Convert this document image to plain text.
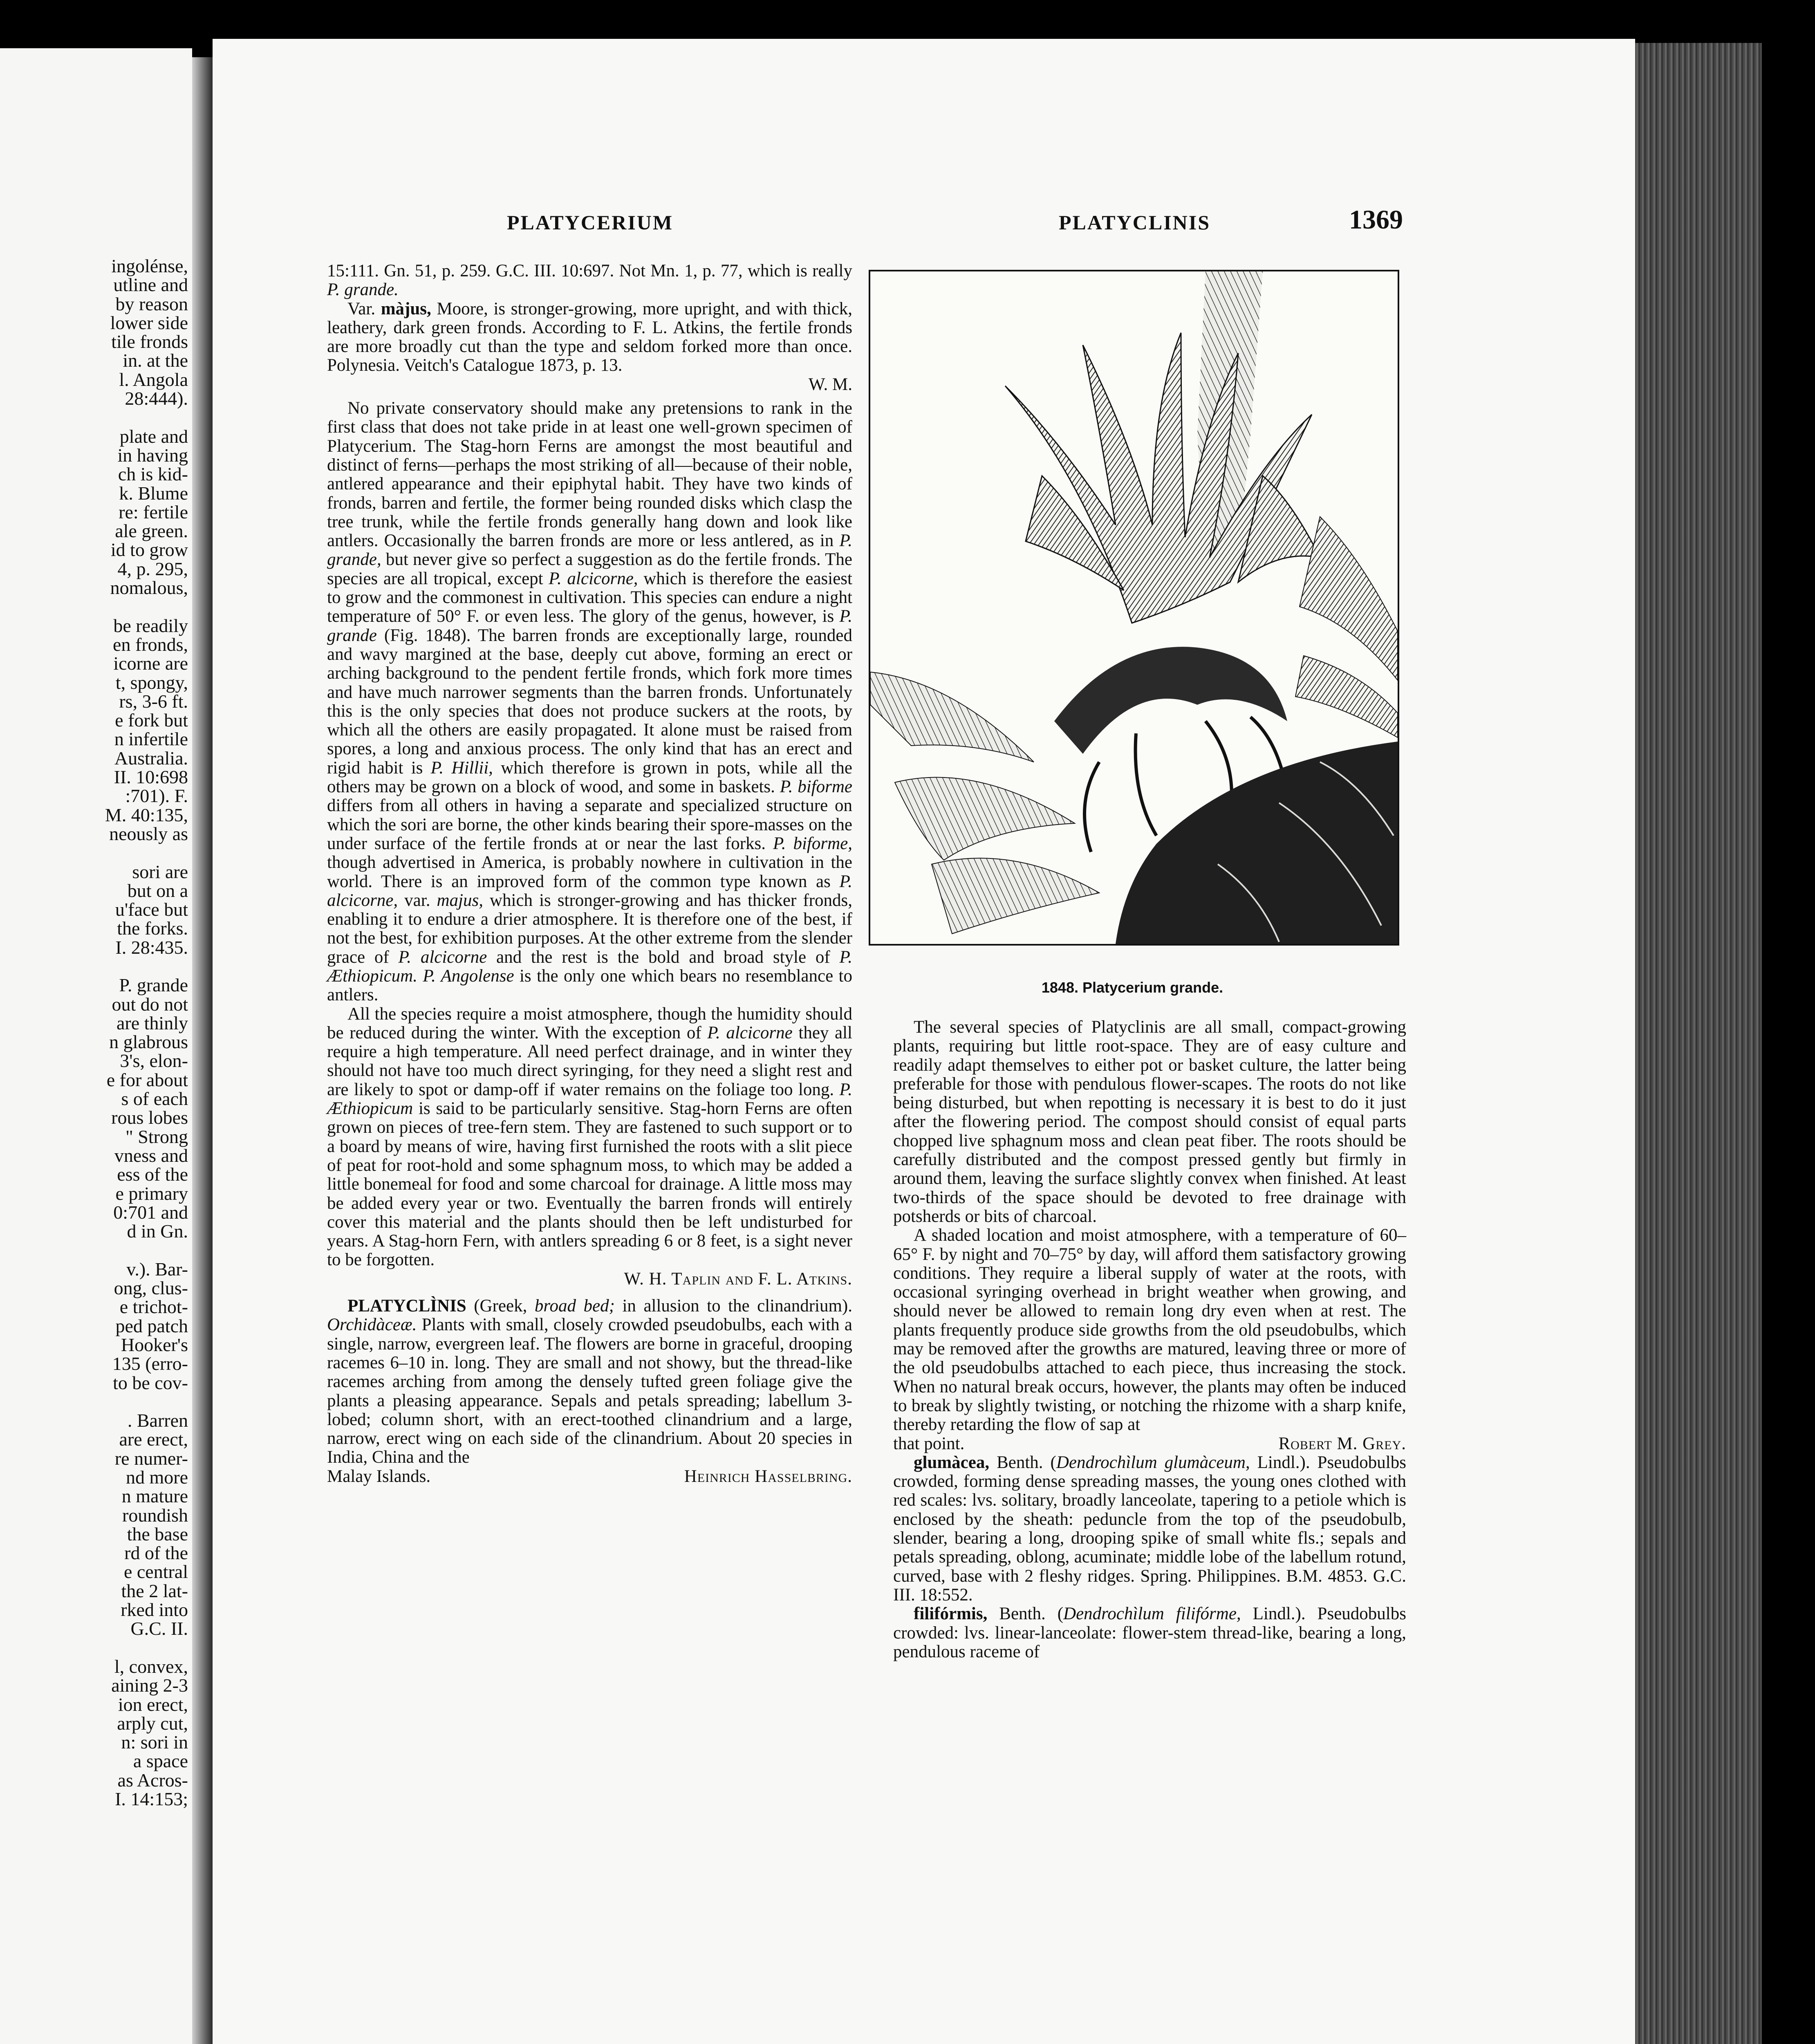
ingolénse,
utline and
by reason
lower side
tile fronds
in. at the
l. Angola
28:444).
plate and
in having
ch is kid-
k. Blume
re: fertile
ale green.
id to grow
4, p. 295,
nomalous,
be readily
en fronds,
icorne are
t, spongy,
rs, 3-6 ft.
e fork but
n infertile
Australia.
II. 10:698
:701). F.
M. 40:135,
neously as
sori are
but on a
u'face but
the forks.
I. 28:435.
P. grande
out do not
are thinly
n glabrous
3's, elon-
e for about
s of each
rous lobes
" Strong
vness and
ess of the
e primary
0:701 and
d in Gn.
v.). Bar-
ong, clus-
e trichot-
ped patch
Hooker's
135 (erro-
to be cov-
. Barren
are erect,
re numer-
nd more
n mature
roundish
the base
rd of the
e central
the 2 lat-
rked into
G.C. II.
l, convex,
aining 2-3
ion erect,
arply cut,
n: sori in
a space
as Acros-
I. 14:153;
PLATYCERIUM	PLATYCLINIS	1369

15:111. Gn. 51, p. 259. G.C. III. 10:697. Not Mn. 1, p. 77, which is really P. grande.

Var. màjus, Moore, is stronger-growing, more upright, and with thick, leathery, dark green fronds. According to F. L. Atkins, the fertile fronds are more broadly cut than the type and seldom forked more than once. Polynesia. Veitch's Catalogue 1873, p. 13.

W. M.

No private conservatory should make any pretensions to rank in the first class that does not take pride in at least one well-grown specimen of Platycerium. The Stag-horn Ferns are amongst the most beautiful and distinct of ferns—perhaps the most striking of all—because of their noble, antlered appearance and their epiphytal habit. They have two kinds of fronds, barren and fertile, the former being rounded disks which clasp the tree trunk, while the fertile fronds generally hang down and look like antlers. Occasionally the barren fronds are more or less antlered, as in P. grande, but never give so perfect a suggestion as do the fertile fronds. The species are all tropical, except P. alcicorne, which is therefore the easiest to grow and the commonest in cultivation. This species can endure a night temperature of 50° F. or even less. The glory of the genus, however, is P. grande (Fig. 1848). The barren fronds are exceptionally large, rounded and wavy margined at the base, deeply cut above, forming an erect or arching background to the pendent fertile fronds, which fork more times and have much narrower segments than the barren fronds. Unfortunately this is the only species that does not produce suckers at the roots, by which all the others are easily propagated. It alone must be raised from spores, a long and anxious process. The only kind that has an erect and rigid habit is P. Hillii, which therefore is grown in pots, while all the others may be grown on a block of wood, and some in baskets. P. biforme differs from all others in having a separate and specialized structure on which the sori are borne, the other kinds bearing their spore-masses on the under surface of the fertile fronds at or near the last forks. P. biforme, though advertised in America, is probably nowhere in cultivation in the world. There is an improved form of the common type known as P. alcicorne, var. majus, which is stronger-growing and has thicker fronds, enabling it to endure a drier atmosphere. It is therefore one of the best, if not the best, for exhibition purposes. At the other extreme from the slender grace of P. alcicorne and the rest is the bold and broad style of P. Æthiopicum. P. Angolense is the only one which bears no resemblance to antlers.

All the species require a moist atmosphere, though the humidity should be reduced during the winter. With the exception of P. alcicorne they all require a high temperature. All need perfect drainage, and in winter they should not have too much direct syringing, for they need a slight rest and are likely to spot or damp-off if water remains on the foliage too long. P. Æthiopicum is said to be particularly sensitive. Stag-horn Ferns are often grown on pieces of tree-fern stem. They are fastened to such support or to a board by means of wire, having first furnished the roots with a slit piece of peat for root-hold and some sphagnum moss, to which may be added a little bonemeal for food and some charcoal for drainage. A little moss may be added every year or two. Eventually the barren fronds will entirely cover this material and the plants should then be left undisturbed for years. A Stag-horn Fern, with antlers spreading 6 or 8 feet, is a sight never to be forgotten.

W. H. Taplin and F. L. Atkins.

PLATYCLÌNIS (Greek, broad bed; in allusion to the clinandrium). Orchidàceæ. Plants with small, closely crowded pseudobulbs, each with a single, narrow, evergreen leaf. The flowers are borne in graceful, drooping racemes 6–10 in. long. They are small and not showy, but the thread-like racemes arching from among the densely tufted green foliage give the plants a pleasing appearance. Sepals and petals spreading; labellum 3-lobed; column short, with an erect-toothed clinandrium and a large, narrow, erect wing on each side of the clinandrium. About 20 species in India, China and the

Malay Islands.	Heinrich Hasselbring.

1848. Platycerium grande.

The several species of Platyclinis are all small, compact-growing plants, requiring but little root-space. They are of easy culture and readily adapt themselves to either pot or basket culture, the latter being preferable for those with pendulous flower-scapes. The roots do not like being disturbed, but when repotting is necessary it is best to do it just after the flowering period. The compost should consist of equal parts chopped live sphagnum moss and clean peat fiber. The roots should be carefully distributed and the compost pressed gently but firmly in around them, leaving the surface slightly convex when finished. At least two-thirds of the space should be devoted to free drainage with potsherds or bits of charcoal.

A shaded location and moist atmosphere, with a temperature of 60–65° F. by night and 70–75° by day, will afford them satisfactory growing conditions. They require a liberal supply of water at the roots, with occasional syringing overhead in bright weather when growing, and should never be allowed to remain long dry even when at rest. The plants frequently produce side growths from the old pseudobulbs, which may be removed after the growths are matured, leaving three or more of the old pseudobulbs attached to each piece, thus increasing the stock. When no natural break occurs, however, the plants may often be induced to break by slightly twisting, or notching the rhizome with a sharp knife, thereby retarding the flow of sap at

that point.	Robert M. Grey.

glumàcea, Benth. (Dendrochìlum glumàceum, Lindl.). Pseudobulbs crowded, forming dense spreading masses, the young ones clothed with red scales: lvs. solitary, broadly lanceolate, tapering to a petiole which is enclosed by the sheath: peduncle from the top of the pseudobulb, slender, bearing a long, drooping spike of small white fls.; sepals and petals spreading, oblong, acuminate; middle lobe of the labellum rotund, curved, base with 2 fleshy ridges. Spring. Philippines. B.M. 4853. G.C. III. 18:552.

filifórmis, Benth. (Dendrochìlum filifórme, Lindl.). Pseudobulbs crowded: lvs. linear-lanceolate: flower-stem thread-like, bearing a long, pendulous raceme of
